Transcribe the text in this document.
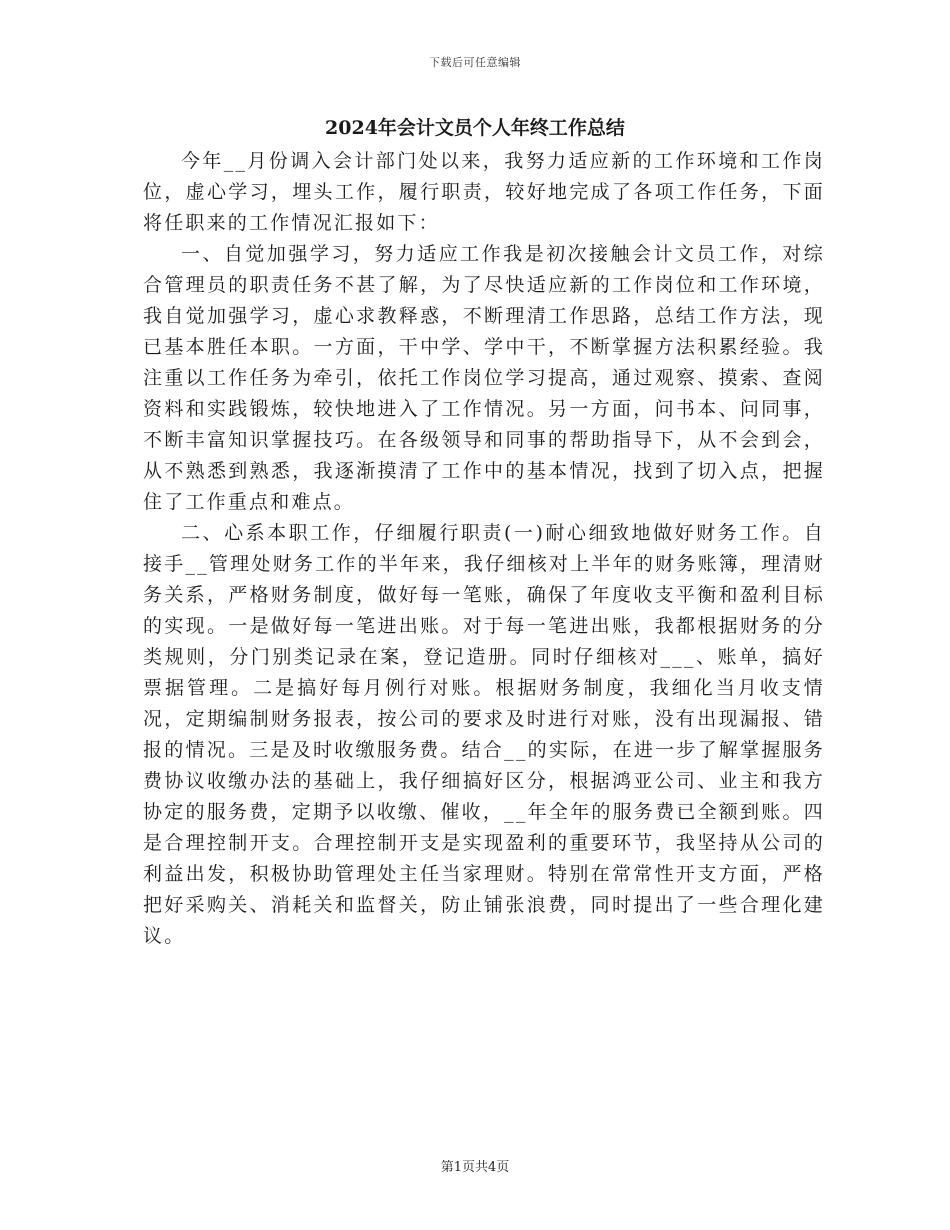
下载后可任意编辑
2024年会计文员个人年终工作总结

今年__月份调入会计部门处以来，我努力适应新的工作环境和工作岗位，虚心学习，埋头工作，履行职责，较好地完成了各项工作任务，下面将任职来的工作情况汇报如下：

一、自觉加强学习，努力适应工作我是初次接触会计文员工作，对综合管理员的职责任务不甚了解，为了尽快适应新的工作岗位和工作环境，我自觉加强学习，虚心求教释惑，不断理清工作思路，总结工作方法，现已基本胜任本职。一方面，干中学、学中干，不断掌握方法积累经验。我注重以工作任务为牵引，依托工作岗位学习提高，通过观察、摸索、查阅资料和实践锻炼，较快地进入了工作情况。另一方面，问书本、问同事，不断丰富知识掌握技巧。在各级领导和同事的帮助指导下，从不会到会，从不熟悉到熟悉，我逐渐摸清了工作中的基本情况，找到了切入点，把握住了工作重点和难点。

二、心系本职工作，仔细履行职责(一)耐心细致地做好财务工作。自接手__管理处财务工作的半年来，我仔细核对上半年的财务账簿，理清财务关系，严格财务制度，做好每一笔账，确保了年度收支平衡和盈利目标的实现。一是做好每一笔进出账。对于每一笔进出账，我都根据财务的分类规则，分门别类记录在案，登记造册。同时仔细核对___、账单，搞好票据管理。二是搞好每月例行对账。根据财务制度，我细化当月收支情况，定期编制财务报表，按公司的要求及时进行对账，没有出现漏报、错报的情况。三是及时收缴服务费。结合__的实际，在进一步了解掌握服务费协议收缴办法的基础上，我仔细搞好区分，根据鸿亚公司、业主和我方协定的服务费，定期予以收缴、催收，__年全年的服务费已全额到账。四是合理控制开支。合理控制开支是实现盈利的重要环节，我坚持从公司的利益出发，积极协助管理处主任当家理财。特别在常常性开支方面，严格把好采购关、消耗关和监督关，防止铺张浪费，同时提出了一些合理化建议。

第1页共4页
